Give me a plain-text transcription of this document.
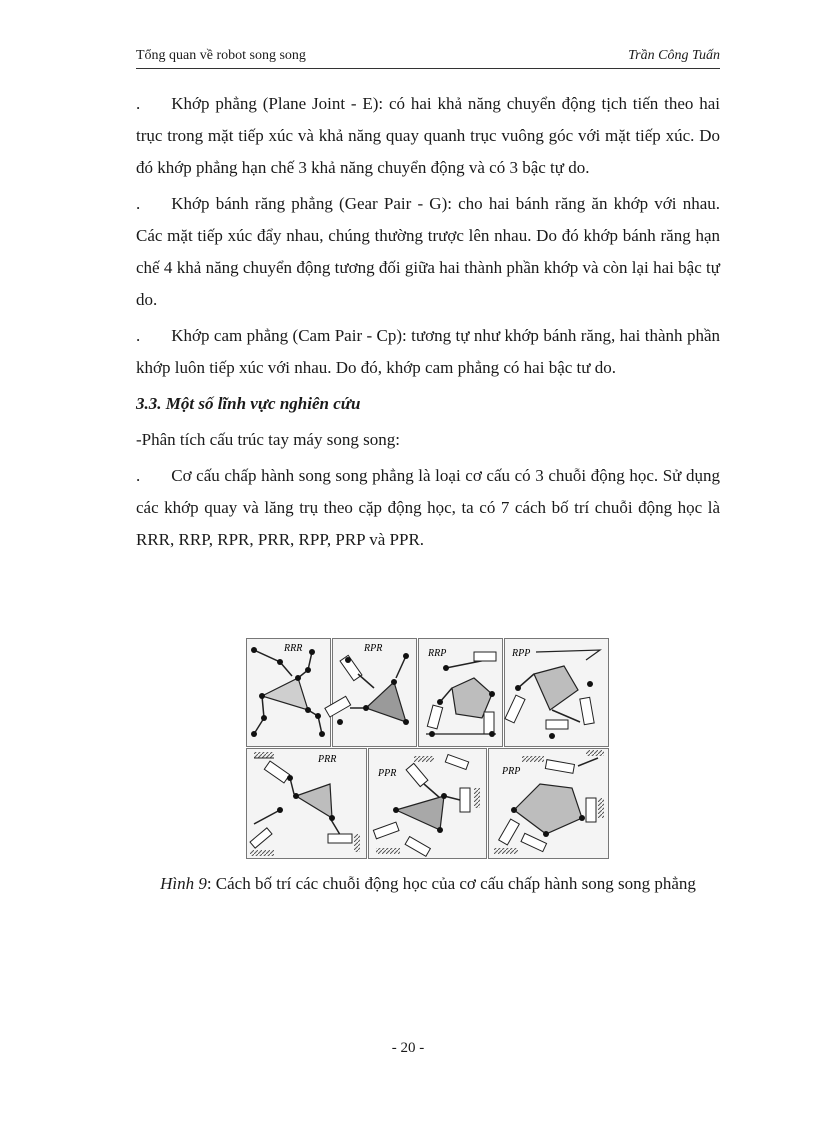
Tổng quan về robot song song	Trần Công Tuấn

. Khớp phẳng (Plane Joint - E): có hai khả năng chuyển động tịch tiến theo hai trục trong mặt tiếp xúc và khả năng quay quanh trục vuông góc với mặt tiếp xúc. Do đó khớp phẳng hạn chế 3 khả năng chuyển động và có 3 bậc tự do.

. Khớp bánh răng phẳng (Gear Pair - G): cho hai bánh răng ăn khớp với nhau. Các mặt tiếp xúc đẩy nhau, chúng thường trược lên nhau. Do đó khớp bánh răng hạn chế 4 khả năng chuyển động tương đối giữa hai thành phần khớp và còn lại hai bậc tự do.

. Khớp cam phẳng (Cam Pair - Cp): tương tự như khớp bánh răng, hai thành phần khớp luôn tiếp xúc với nhau. Do đó, khớp cam phẳng có hai bậc tư do.

3.3. Một số lĩnh vực nghiên cứu

-Phân tích cấu trúc tay máy song song:

. Cơ cấu chấp hành song song phẳng là loại cơ cấu có 3 chuỗi động học. Sử dụng các khớp quay và lăng trụ theo cặp động học, ta có 7 cách bố trí chuỗi động học là RRR, RRP, RPR, PRR, RPP, PRP và PPR.

RRR	RPR	RRP	RPP
PRR
PPR	PRP
Hình 9: Cách bố trí các chuỗi động học của cơ cấu chấp hành song song phẳng
- 20 -
